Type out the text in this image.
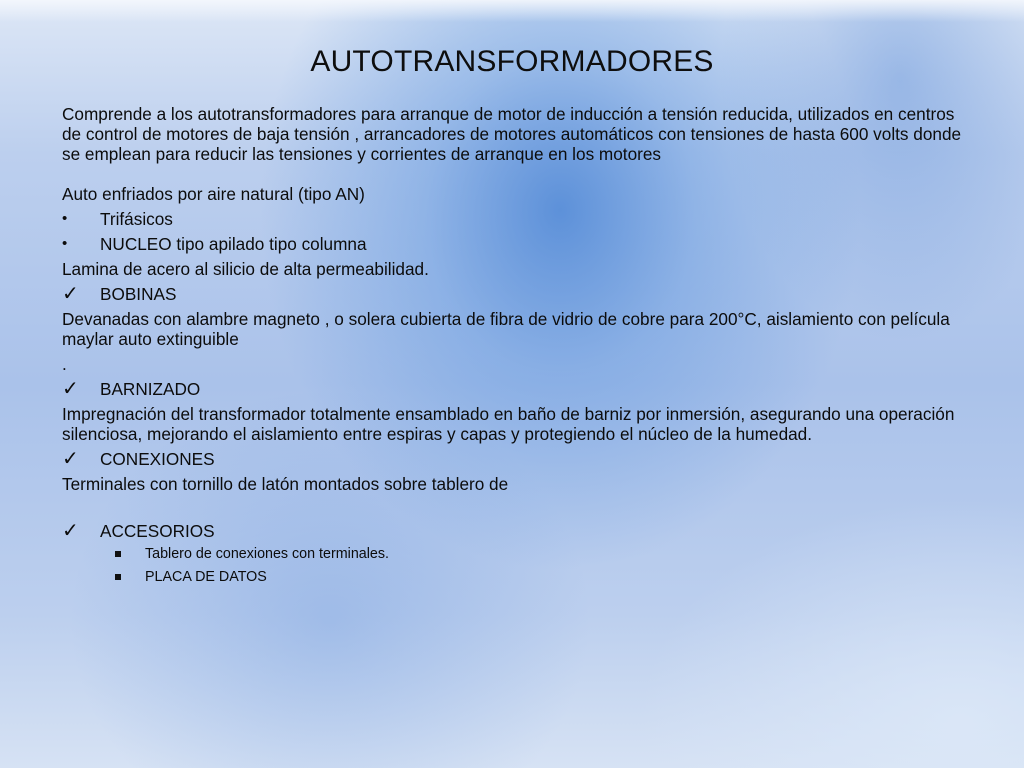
AUTOTRANSFORMADORES

Comprende a los autotransformadores para arranque de motor de inducción a tensión reducida, utilizados en centros de control de motores de baja tensión , arrancadores de motores automáticos con tensiones de hasta 600 volts donde se emplean para reducir las tensiones y corrientes de arranque en los motores

Auto enfriados por aire natural (tipo AN)

•	Trifásicos
•	NUCLEO tipo apilado tipo columna

Lamina de acero al silicio de alta permeabilidad.

✓	BOBINAS

Devanadas con alambre magneto , o solera cubierta de fibra de vidrio de cobre para 200°C, aislamiento con película maylar auto extinguible

.

✓	BARNIZADO

Impregnación del transformador totalmente ensamblado en baño de barniz por inmersión, asegurando una operación silenciosa, mejorando el aislamiento entre espiras y capas y protegiendo el núcleo de la humedad.

✓	CONEXIONES

Terminales con tornillo de latón montados sobre tablero de

✓	ACCESORIOS
Tablero de conexiones con terminales.
PLACA DE DATOS
